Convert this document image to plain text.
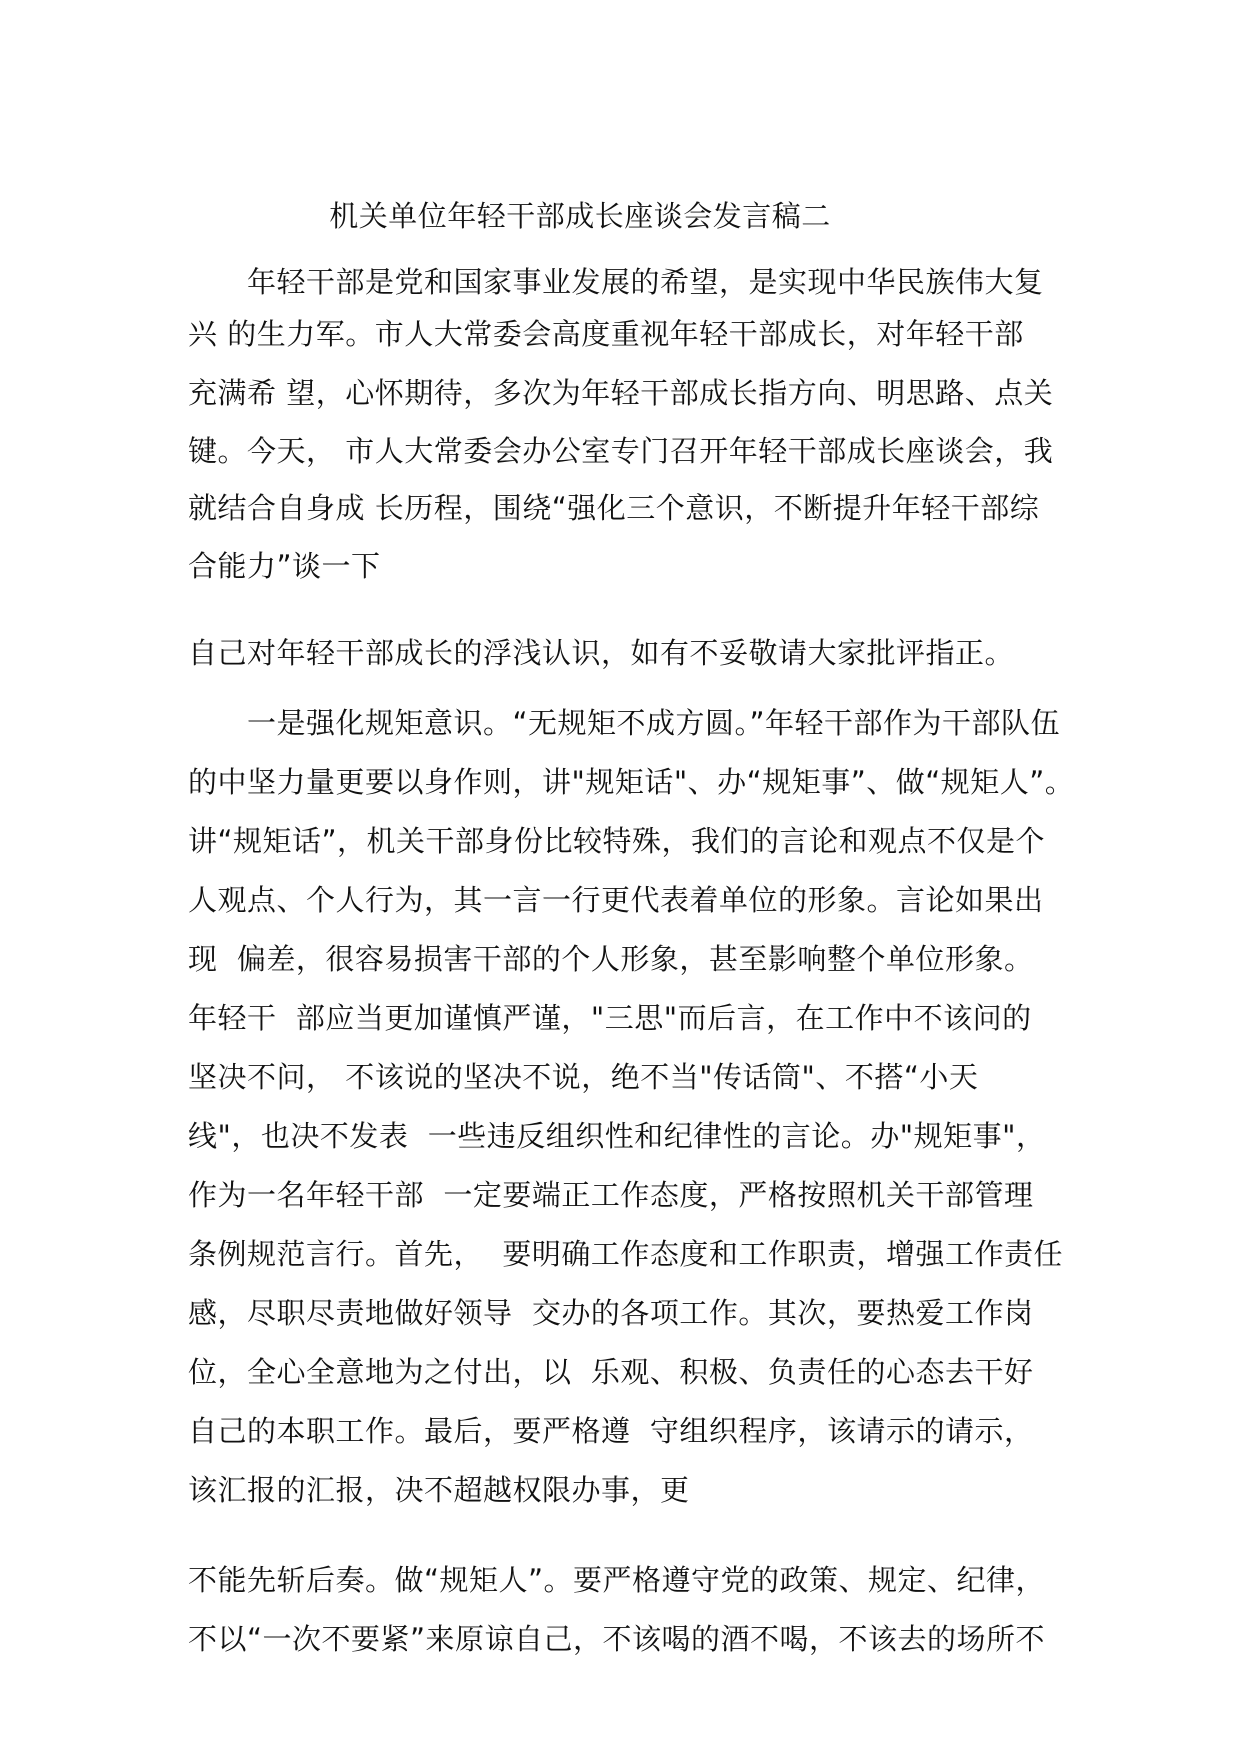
机关单位年轻干部成长座谈会发言稿二
　　年轻干部是党和国家事业发展的希望，是实现中华民族伟大复
兴 的生力军。市人大常委会高度重视年轻干部成长，对年轻干部
充满希 望，心怀期待，多次为年轻干部成长指方向、明思路、点关
键。今天， 市人大常委会办公室专门召开年轻干部成长座谈会，我
就结合自身成 长历程，围绕“强化三个意识，不断提升年轻干部综
合能力”谈一下
自己对年轻干部成长的浮浅认识，如有不妥敬请大家批评指正。
　　一是强化规矩意识。“无规矩不成方圆。”年轻干部作为干部队伍
的中坚力量更要以身作则，讲"规矩话"、办“规矩事”、做“规矩人”。
讲“规矩话”，机关干部身份比较特殊，我们的言论和观点不仅是个
人观点、个人行为，其一言一行更代表着单位的形象。言论如果出
现  偏差，很容易损害干部的个人形象，甚至影响整个单位形象。
年轻干  部应当更加谨慎严谨，"三思"而后言，在工作中不该问的
坚决不问， 不该说的坚决不说，绝不当"传话筒"、不搭“小天
线"，也决不发表  一些违反组织性和纪律性的言论。办"规矩事"，
作为一名年轻干部  一定要端正工作态度，严格按照机关干部管理
条例规范言行。首先，  要明确工作态度和工作职责，增强工作责任
感，尽职尽责地做好领导  交办的各项工作。其次，要热爱工作岗
位，全心全意地为之付出，以  乐观、积极、负责任的心态去干好
自己的本职工作。最后，要严格遵  守组织程序，该请示的请示，
该汇报的汇报，决不超越权限办事，更
不能先斩后奏。做“规矩人”。要严格遵守党的政策、规定、纪律，
不以“一次不要紧”来原谅自己，不该喝的酒不喝，不该去的场所不
